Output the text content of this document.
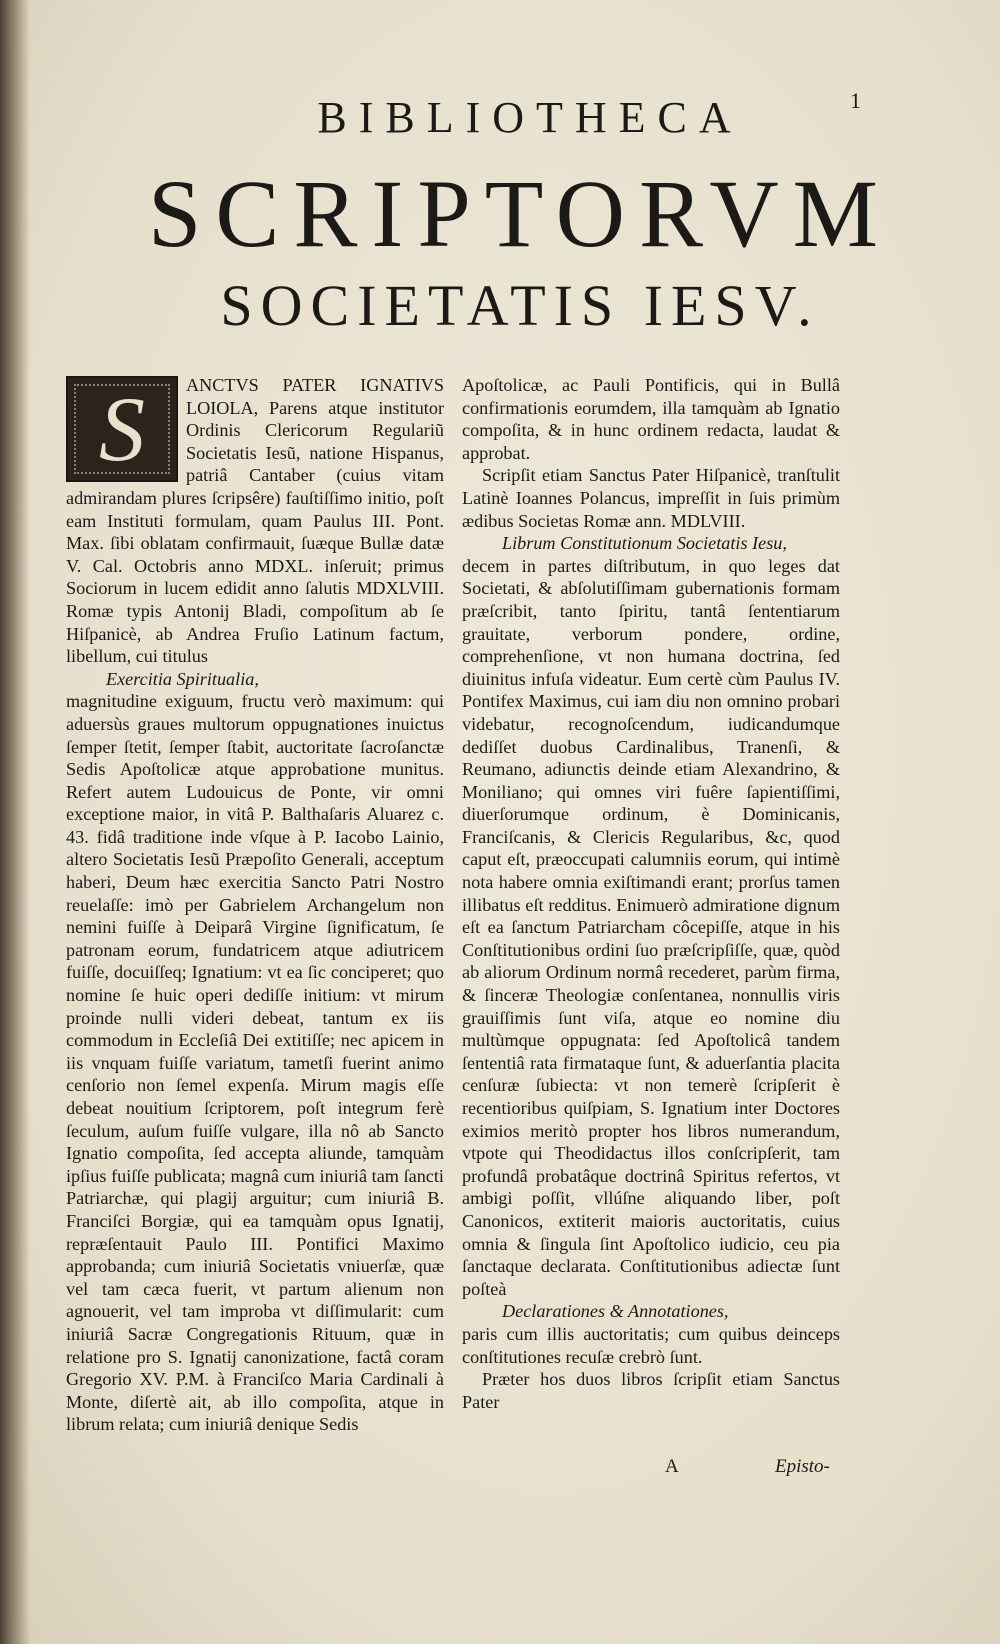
1
BIBLIOTHECA
SCRIPTORVM
SOCIETATIS IESV.
S	ANCTVS PATER IGNATIVS LOIOLA, Parens atque institutor Ordinis Clericorum Regulariũ Societatis Iesũ, natione Hispanus, patriâ Cantaber (cuius vitam admirandam plures ſcripsêre) fauſtiſſimo initio, poſt eam Instituti formulam, quam Paulus III. Pont. Max. ſibi oblatam confirmauit, ſuæque Bullæ datæ V. Cal. Octobris anno MDXL. inſeruit; primus Sociorum in lucem edidit anno ſalutis MDXLVIII. Romæ typis Antonij Bladi, compoſitum ab ſe Hiſpanicè, ab Andrea Fruſio Latinum factum, libellum, cui titulus

Exercitia Spiritualia,

magnitudine exiguum, fructu verò maximum: qui aduersùs graues multorum oppugnationes inuictus ſemper ſtetit, ſemper ſtabit, auctoritate ſacroſanctæ Sedis Apoſtolicæ atque approbatione munitus. Refert autem Ludouicus de Ponte, vir omni exceptione maior, in vitâ P. Balthaſaris Aluarez c. 43. fidâ traditione inde vſque à P. Iacobo Lainio, altero Societatis Iesũ Præpoſito Generali, acceptum haberi, Deum hæc exercitia Sancto Patri Nostro reuelaſſe: imò per Gabrielem Archangelum non nemini fuiſſe à Deiparâ Virgine ſignificatum, ſe patronam eorum, fundatricem atque adiutricem fuiſſe, docuiſſeq; Ignatium: vt ea ſic conciperet; quo nomine ſe huic operi dediſſe initium: vt mirum proinde nulli videri debeat, tantum ex iis commodum in Eccleſiâ Dei extitiſſe; nec apicem in iis vnquam fuiſſe variatum, tametſi fuerint animo cenſorio non ſemel expenſa. Mirum magis eſſe debeat nouitium ſcriptorem, poſt integrum ferè ſeculum, auſum fuiſſe vulgare, illa nô ab Sancto Ignatio compoſita, ſed accepta aliunde, tamquàm ipſius fuiſſe publicata; magnâ cum iniuriâ tam ſancti Patriarchæ, qui plagij arguitur; cum iniuriâ B. Franciſci Borgiæ, qui ea tamquàm opus Ignatij, repræſentauit Paulo III. Pontifici Maximo approbanda; cum iniuriâ Societatis vniuerſæ, quæ vel tam cæca fuerit, vt partum alienum non agnouerit, vel tam improba vt diſſimularit: cum iniuriâ Sacræ Congregationis Rituum, quæ in relatione pro S. Ignatij canonizatione, factâ coram Gregorio XV. P.M. à Franciſco Maria Cardinali à Monte, diſertè ait, ab illo compoſita, atque in librum relata; cum iniuriâ denique Sedis

Apoſtolicæ, ac Pauli Pontificis, qui in Bullâ confirmationis eorumdem, illa tamquàm ab Ignatio compoſita, & in hunc ordinem redacta, laudat & approbat.

Scripſit etiam Sanctus Pater Hiſpanicè, tranſtulit Latinè Ioannes Polancus, impreſſit in ſuis primùm ædibus Societas Romæ ann. MDLVIII.

Librum Constitutionum Societatis Iesu,

decem in partes diſtributum, in quo leges dat Societati, & abſolutiſſimam gubernationis formam præſcribit, tanto ſpiritu, tantâ ſententiarum grauitate, verborum pondere, ordine, comprehenſione, vt non humana doctrina, ſed diuinitus infuſa videatur. Eum certè cùm Paulus IV. Pontifex Maximus, cui iam diu non omnino probari videbatur, recognoſcendum, iudicandumque dediſſet duobus Cardinalibus, Tranenſi, & Reumano, adiunctis deinde etiam Alexandrino, & Moniliano; qui omnes viri fuêre ſapientiſſimi, diuerſorumque ordinum, è Dominicanis, Franciſcanis, & Clericis Regularibus, &c, quod caput eſt, præoccupati calumniis eorum, qui intimè nota habere omnia exiſtimandi erant; prorſus tamen illibatus eſt redditus. Enimuerò admiratione dignum eſt ea ſanctum Patriarcham côcepiſſe, atque in his Conſtitutionibus ordini ſuo præſcripſiſſe, quæ, quòd ab aliorum Ordinum normâ recederet, parùm firma, & ſinceræ Theologiæ conſentanea, nonnullis viris grauiſſimis ſunt viſa, atque eo nomine diu multùmque oppugnata: ſed Apoſtolicâ tandem ſententiâ rata firmataque ſunt, & aduerſantia placita cenſuræ ſubiecta: vt non temerè ſcripſerit è recentioribus quiſpiam, S. Ignatium inter Doctores eximios meritò propter hos libros numerandum, vtpote qui Theodidactus illos conſcripſerit, tam profundâ probatâque doctrinâ Spiritus refertos, vt ambigi poſſit, vllúſne aliquando liber, poſt Canonicos, extiterit maioris auctoritatis, cuius omnia & ſingula ſint Apoſtolico iudicio, ceu pia ſanctaque declarata. Conſtitutionibus adiectæ ſunt poſteà

Declarationes & Annotationes,

paris cum illis auctoritatis; cum quibus deinceps conſtitutiones recuſæ crebrò ſunt.

Præter hos duos libros ſcripſit etiam Sanctus Pater

A	Episto-
